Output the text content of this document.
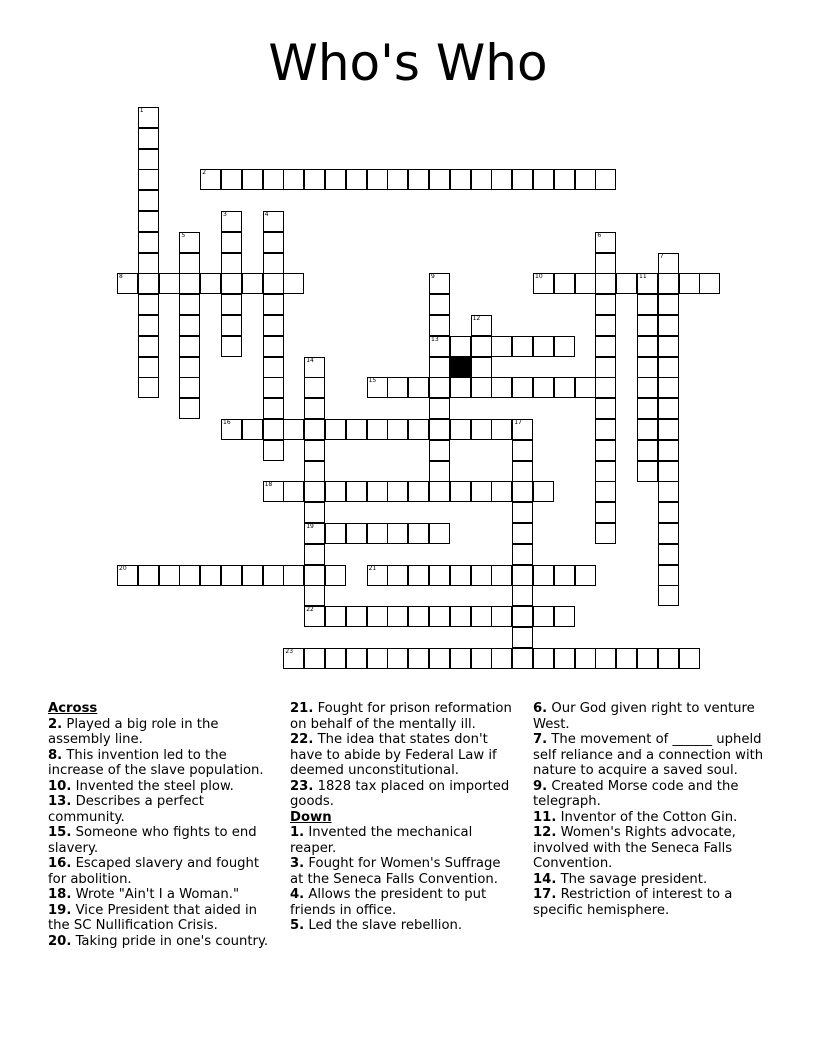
Who's Who
1
2
3	4
5	6
7
8	9
13
10	11
12
14
19
15
16	17
18
20	21
22
23
Across
2. Played a big role in the assembly line.
8. This invention led to the increase of the slave population.
10. Invented the steel plow.
13. Describes a perfect community.
15. Someone who fights to end slavery.
16. Escaped slavery and fought for abolition.
18. Wrote "Ain't I a Woman."
19. Vice President that aided in the SC Nullification Crisis.
20. Taking pride in one's country.
21. Fought for prison reformation on behalf of the mentally ill.
22. The idea that states don't have to abide by Federal Law if deemed unconstitutional.
23. 1828 tax placed on imported goods.
Down
1. Invented the mechanical reaper.
3. Fought for Women's Suffrage at the Seneca Falls Convention.
4. Allows the president to put friends in office.
5. Led the slave rebellion.
6. Our God given right to venture West.
7. The movement of ______ upheld self reliance and a connection with nature to acquire a saved soul.
9. Created Morse code and the telegraph.
11. Inventor of the Cotton Gin.
12. Women's Rights advocate, involved with the Seneca Falls Convention.
14. The savage president.
17. Restriction of interest to a specific hemisphere.
